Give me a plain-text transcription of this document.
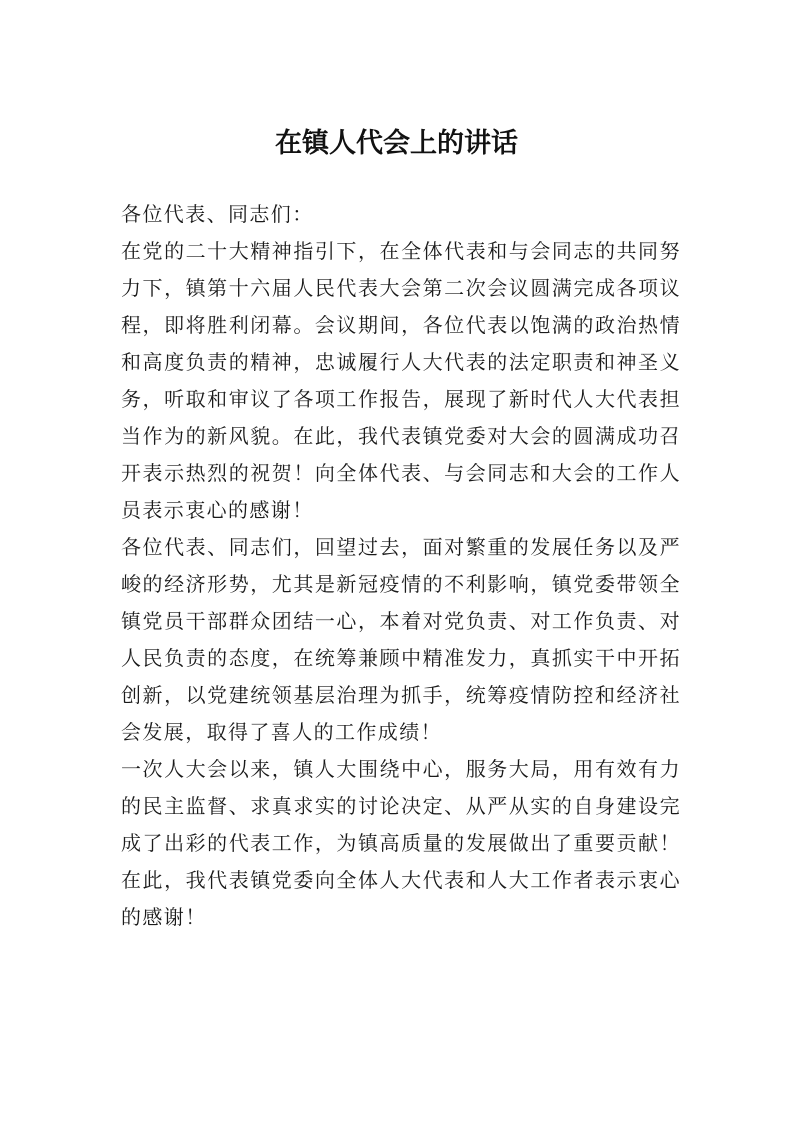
在镇人代会上的讲话

各位代表、同志们：

在党的二十大精神指引下，在全体代表和与会同志的共同努力下，镇第十六届人民代表大会第二次会议圆满完成各项议程，即将胜利闭幕。会议期间，各位代表以饱满的政治热情和高度负责的精神，忠诚履行人大代表的法定职责和神圣义务，听取和审议了各项工作报告，展现了新时代人大代表担当作为的新风貌。在此，我代表镇党委对大会的圆满成功召开表示热烈的祝贺！向全体代表、与会同志和大会的工作人员表示衷心的感谢！

各位代表、同志们，回望过去，面对繁重的发展任务以及严峻的经济形势，尤其是新冠疫情的不利影响，镇党委带领全镇党员干部群众团结一心，本着对党负责、对工作负责、对人民负责的态度，在统筹兼顾中精准发力，真抓实干中开拓创新，以党建统领基层治理为抓手，统筹疫情防控和经济社会发展，取得了喜人的工作成绩！

一次人大会以来，镇人大围绕中心，服务大局，用有效有力的民主监督、求真求实的讨论决定、从严从实的自身建设完成了出彩的代表工作，为镇高质量的发展做出了重要贡献！在此，我代表镇党委向全体人大代表和人大工作者表示衷心的感谢！
